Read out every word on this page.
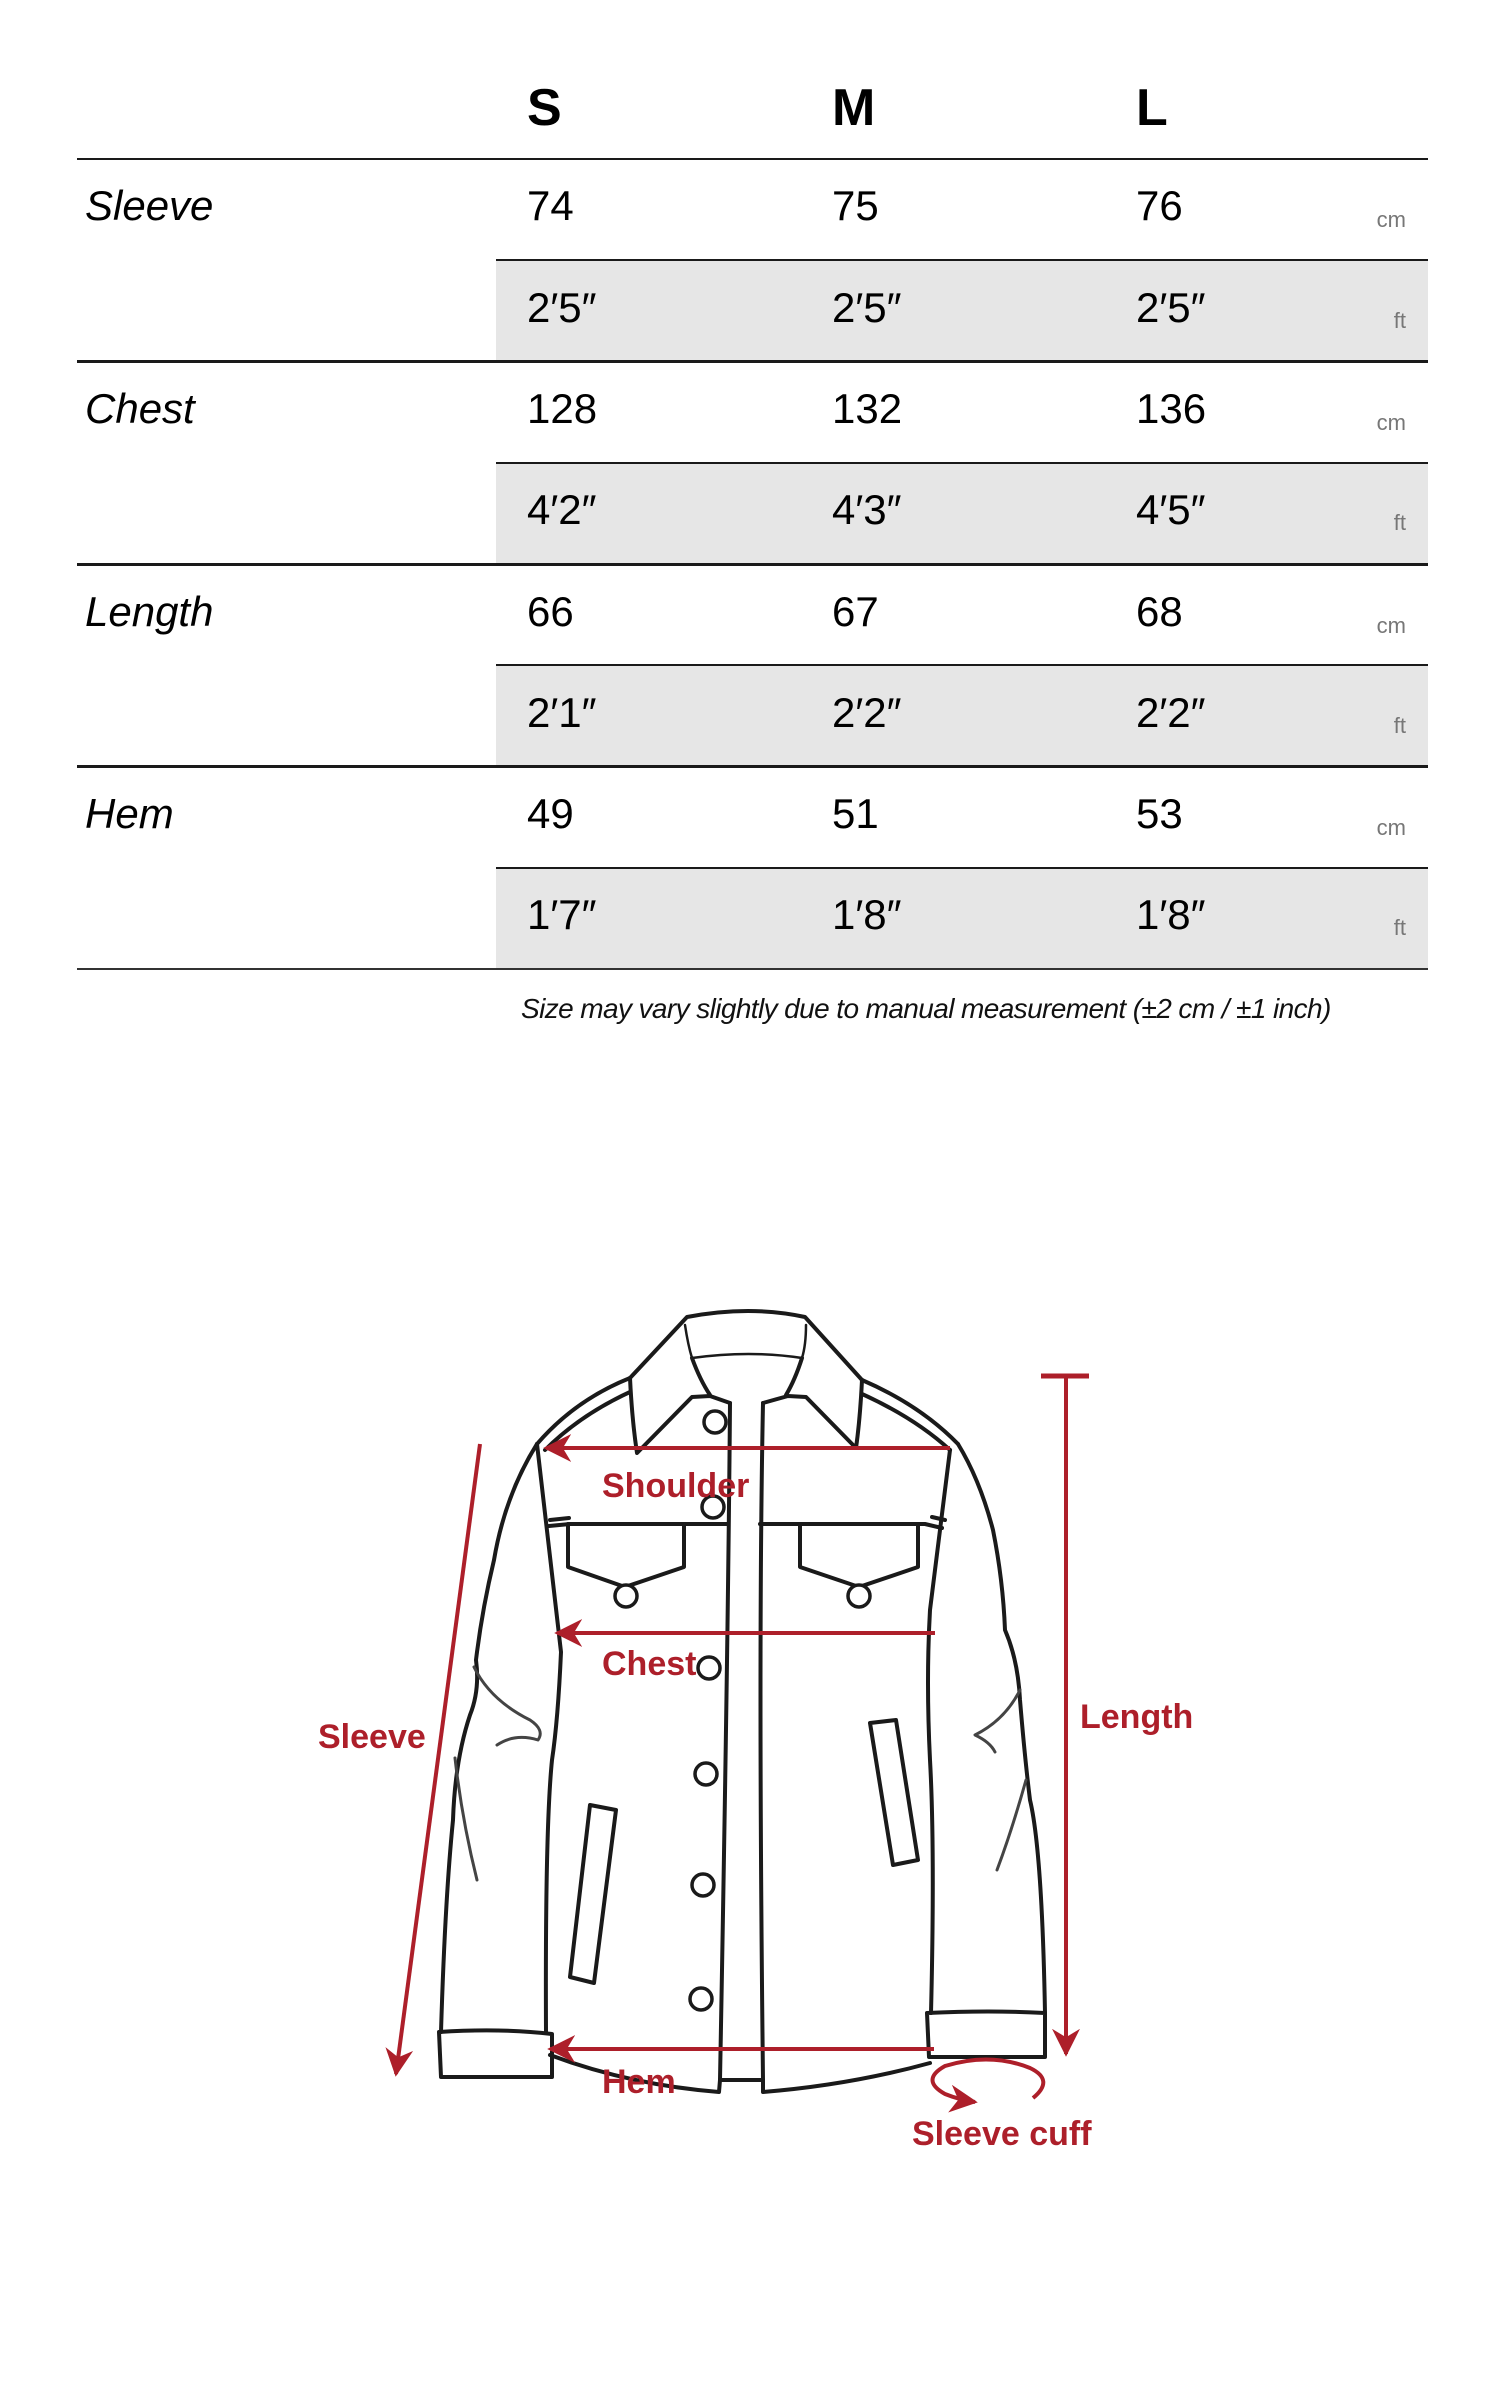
S	M	L
Sleeve	74	75	76	cm
2′5″	2′5″	2′5″	ft
Chest	128	132	136	cm
4′2″	4′3″	4′5″	ft
Length	66	67	68	cm
2′1″	2′2″	2′2″	ft
Hem	49	51	53	cm
1′7″	1′8″	1′8″	ft
Size may vary slightly due to manual measurement (±2 cm / ±1 inch)
Shoulder
Chest
Sleeve
Length
Hem
Sleeve cuff
